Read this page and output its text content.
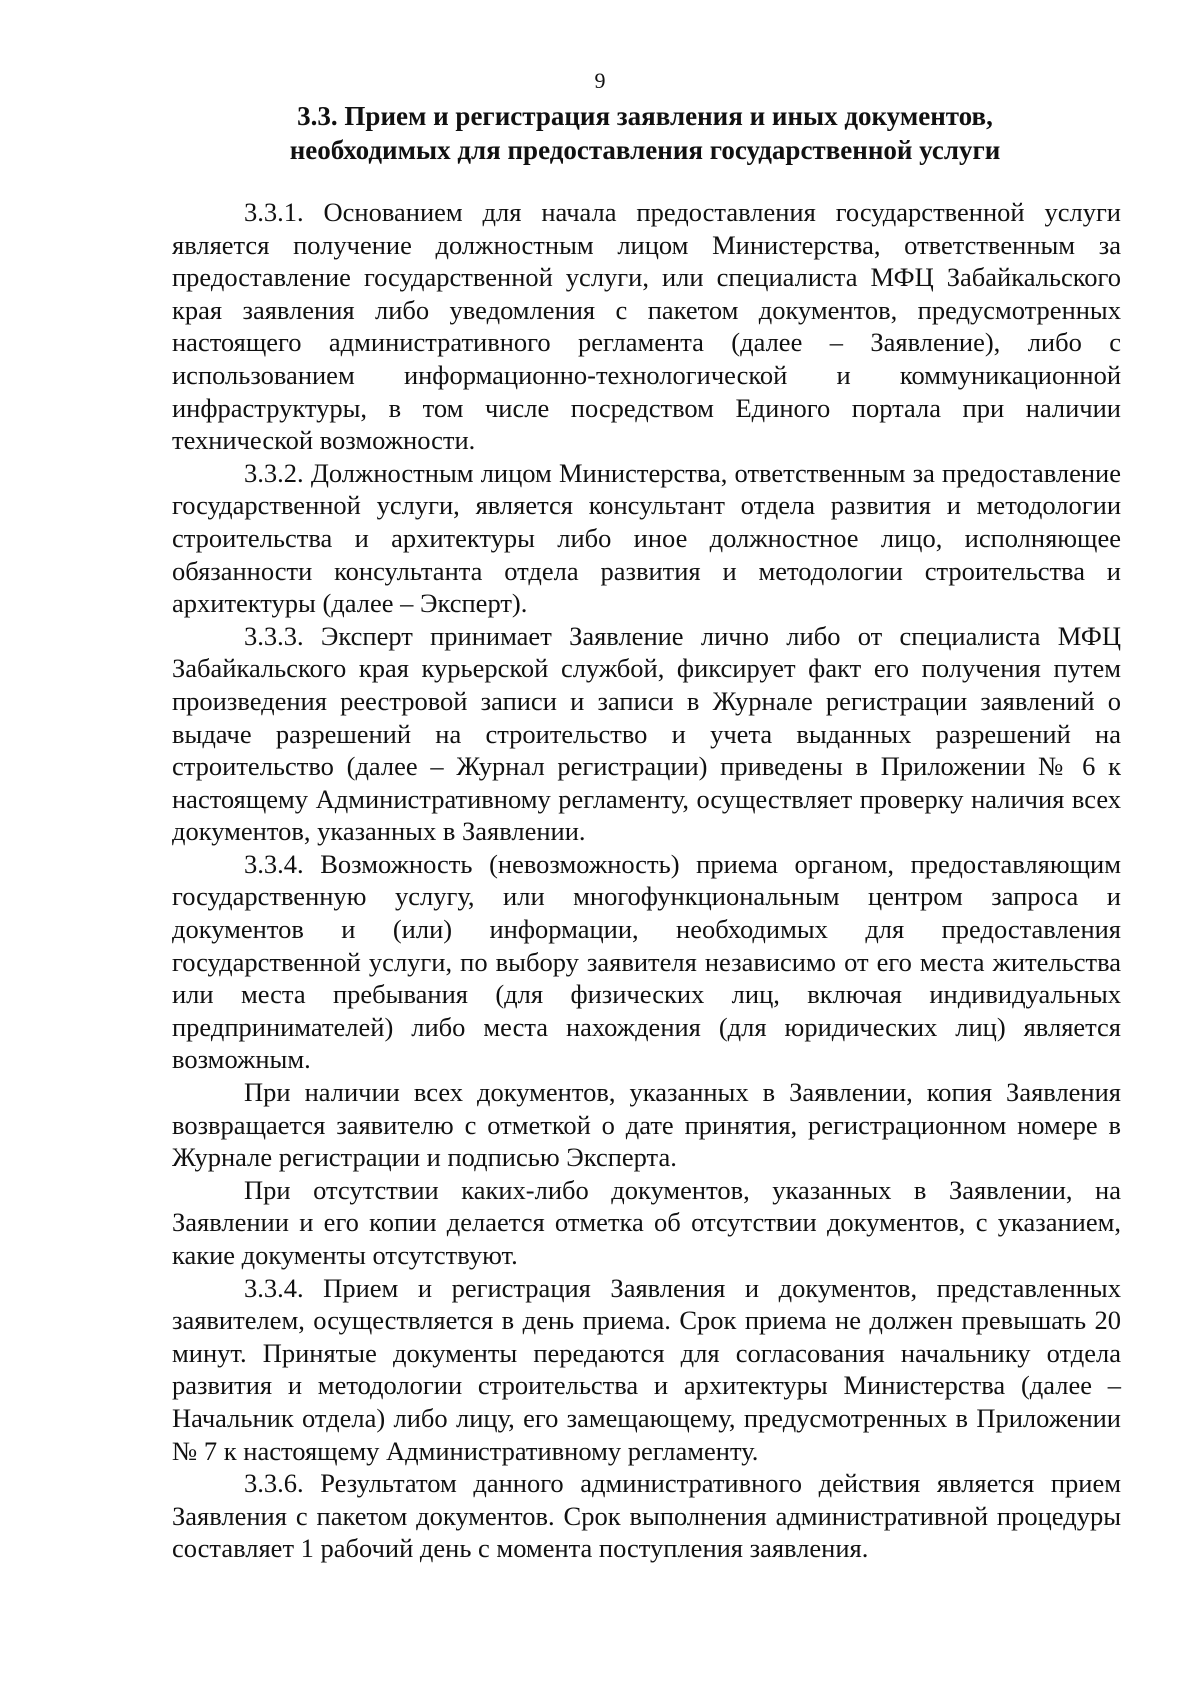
9
3.3. Прием и регистрация заявления и иных документов,
необходимых для предоставления государственной услуги

3.3.1. Основанием для начала предоставления государственной услуги является получение должностным лицом Министерства, ответственным за предоставление государственной услуги, или специалиста МФЦ Забайкальского края заявления либо уведомления с пакетом документов, предусмотренных настоящего административного регламента (далее – Заявление), либо с использованием информационно-технологической и коммуникационной инфраструктуры, в том числе посредством Единого портала при наличии технической возможности.

3.3.2. Должностным лицом Министерства, ответственным за предоставление государственной услуги, является консультант отдела развития и методологии строительства и архитектуры либо иное должностное лицо, исполняющее обязанности консультанта отдела развития и методологии строительства и архитектуры (далее – Эксперт).

3.3.3. Эксперт принимает Заявление лично либо от специалиста МФЦ Забайкальского края курьерской службой, фиксирует факт его получения путем произведения реестровой записи и записи в Журнале регистрации заявлений о выдаче разрешений на строительство и учета выданных разрешений на строительство (далее – Журнал регистрации) приведены в Приложении № 6 к настоящему Административному регламенту, осуществляет проверку наличия всех документов, указанных в Заявлении.

3.3.4. Возможность (невозможность) приема органом, предоставляющим государственную услугу, или многофункциональным центром запроса и документов и (или) информации, необходимых для предоставления государственной услуги, по выбору заявителя независимо от его места жительства или места пребывания (для физических лиц, включая индивидуальных предпринимателей) либо места нахождения (для юридических лиц) является возможным.

При наличии всех документов, указанных в Заявлении, копия Заявления возвращается заявителю с отметкой о дате принятия, регистрационном номере в Журнале регистрации и подписью Эксперта.

При отсутствии каких-либо документов, указанных в Заявлении, на Заявлении и его копии делается отметка об отсутствии документов, с указанием, какие документы отсутствуют.

3.3.4. Прием и регистрация Заявления и документов, представленных заявителем, осуществляется в день приема. Срок приема не должен превышать 20 минут. Принятые документы передаются для согласования начальнику отдела развития и методологии строительства и архитектуры Министерства (далее – Начальник отдела) либо лицу, его замещающему, предусмотренных в Приложении № 7 к настоящему Административному регламенту.

3.3.6. Результатом данного административного действия является прием Заявления с пакетом документов. Срок выполнения административной процедуры составляет 1 рабочий день с момента поступления заявления.
